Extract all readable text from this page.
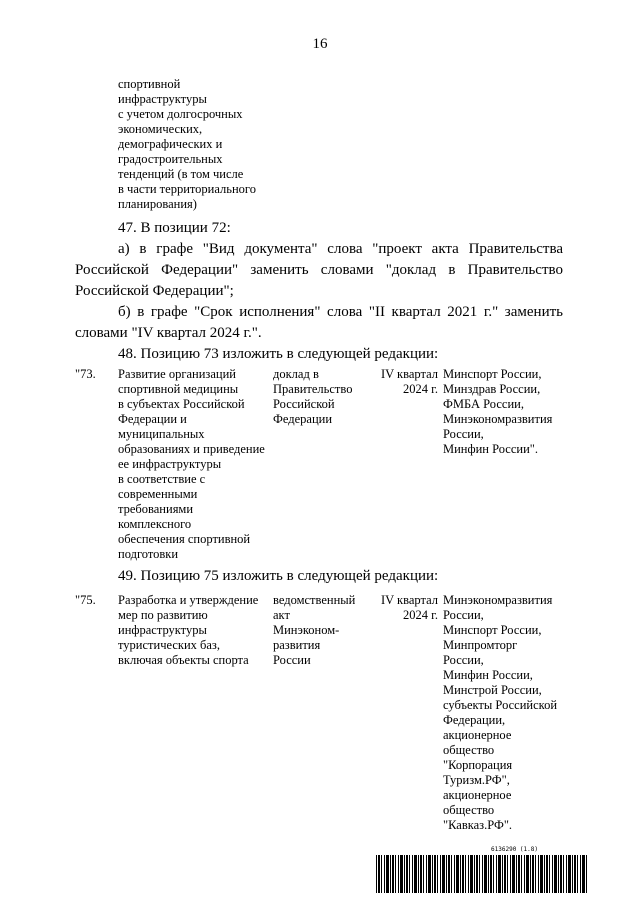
16
спортивной
инфраструктуры
с учетом долгосрочных
экономических,
демографических и
градостроительных
тенденций (в том числе
в части территориального
планирования)
47. В позиции 72:
а) в графе "Вид документа" слова "проект акта Правительства
Российской Федерации" заменить словами "доклад в Правительство
Российской Федерации";
б) в графе "Срок исполнения" слова "II квартал 2021 г." заменить
словами "IV квартал 2024 г.".
48. Позицию 73 изложить в следующей редакции:
"73. Развитие организаций
спортивной медицины
в субъектах Российской
Федерации и
муниципальных
образованиях и приведение
ее инфраструктуры
в соответствие с
современными
требованиями
комплексного
обеспечения спортивной
подготовки
доклад в
Правительство
Российской
Федерации
IV квартал
2024 г.
Минспорт России,
Минздрав России,
ФМБА России,
Минэкономразвития
России,
Минфин России".
49. Позицию 75 изложить в следующей редакции:
"75. Разработка и утверждение
мер по развитию
инфраструктуры
туристических баз,
включая объекты спорта
ведомственный
акт
Минэконом-
развития
России
IV квартал
2024 г.
Минэкономразвития
России,
Минспорт России,
Минпромторг
России,
Минфин России,
Минстрой России,
субъекты Российской
Федерации,
акционерное
общество
"Корпорация
Туризм.РФ",
акционерное
общество
"Кавказ.РФ".
6136290 (1.8)
